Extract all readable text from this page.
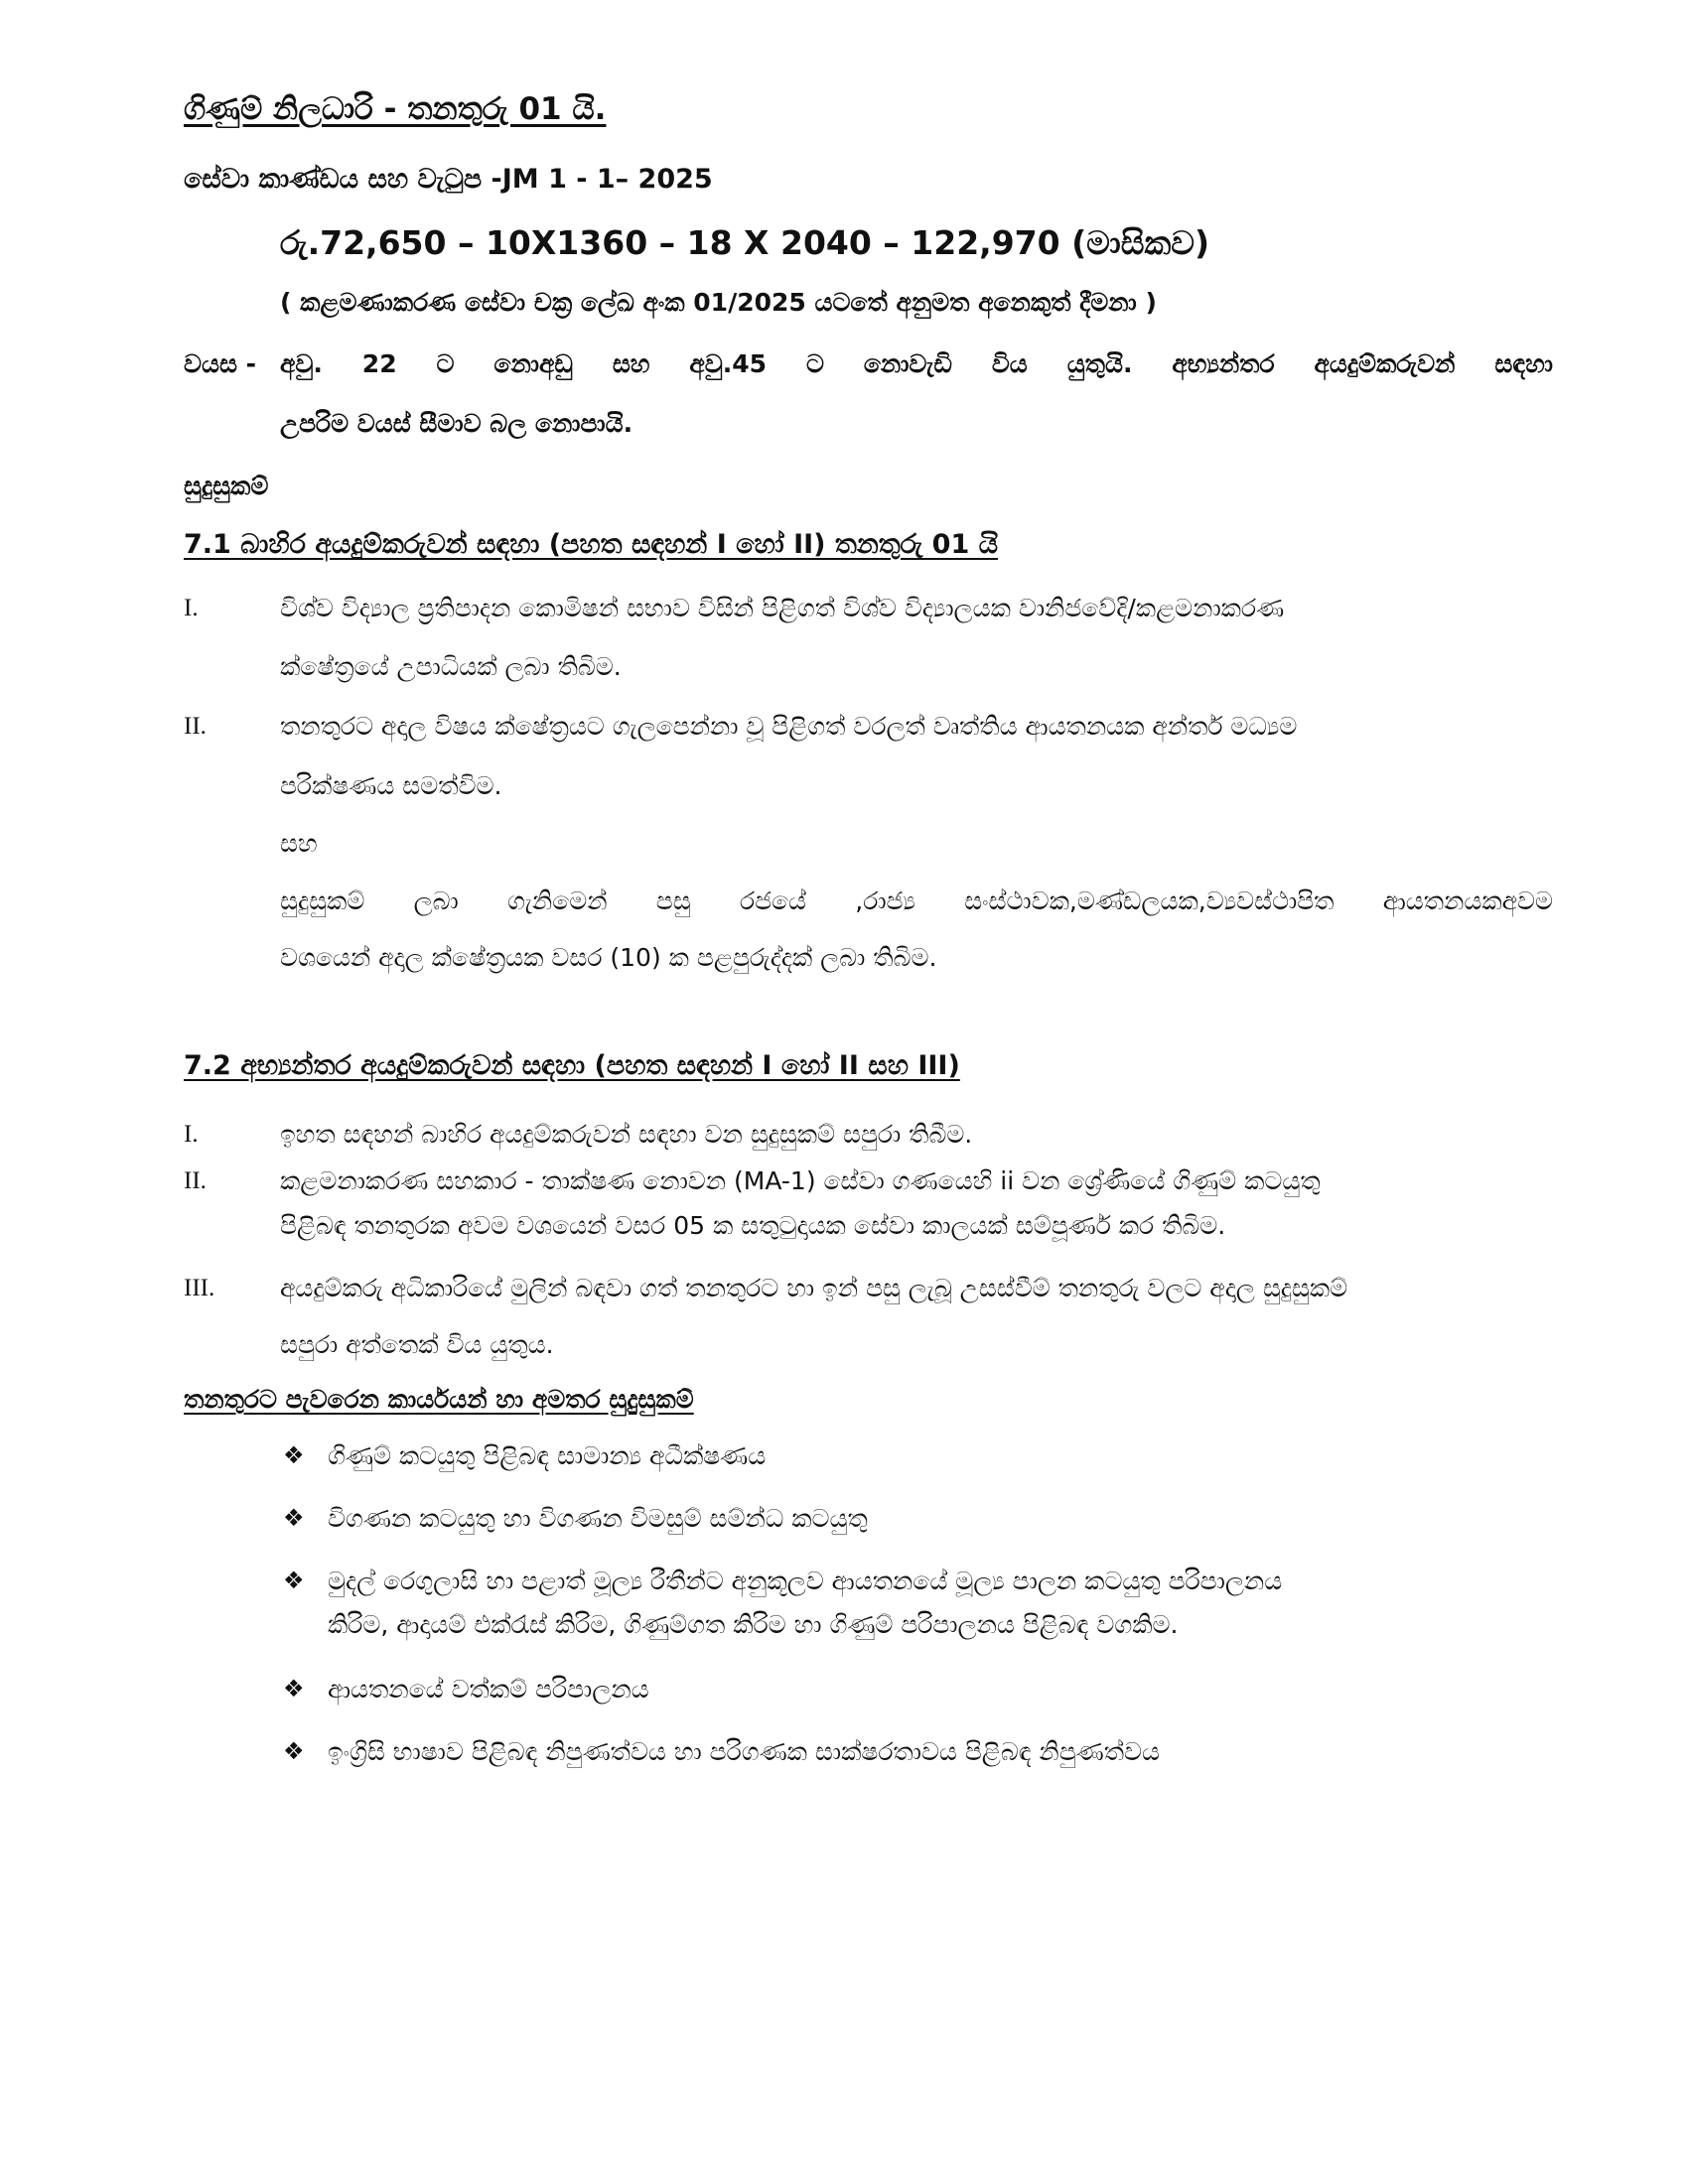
ගිණුම් නිලධාරි - තනතුරු 01 යි.
සේවා කාණ්ඩය සහ වැටුප -JM 1 - 1– 2025
රු.72,650 – 10X1360 – 18 X 2040 – 122,970 (මාසිකව)
( කළමණාකරණ සේවා චක්‍ර ලේඛ අංක 01/2025 යටතේ අනුමත අනෙකුත් දීමනා )
වයස - අවු. 22 ට නොඅඩු සහ අවු.45 ට නොවැඩි විය යුතුයි. අභ්‍යන්තර අයදුම්කරුවන් සඳහා
උපරිම වයස් සීමාව බල නොපායි.
සුදුසුකම්
7.1 බාහිර අයදුම්කරුවන් සඳහා (පහත සඳහන් I හෝ II) තනතුරු 01 යි
I.	විශ්ව විද්‍යාල ප්‍රතිපාදන කොමිෂන් සභාව විසින් පිළිගත් විශ්ව විද්‍යාලයක වානිජවේදි/කළමනාකරණ
ක්ෂේත්‍රයේ උපාධියක් ලබා තිබිම.
II.	තනතුරට අදාල විෂය ක්ෂේත්‍රයට ගැලපෙන්නා වූ පිළිගත් වරලත් වෘත්තිය ආයතනයක අන්තර් මධ්‍යම
පරික්ෂණය සමත්විම.
සහ
සුදුසුකම් ලබා ගැනිමෙන් පසු රජයේ ,රාජ්‍ය සංස්ථාවක,මණ්ඩලයක,ව්‍යවස්ථාපිත ආයතනයකඅවම
වශයෙන් අදාල ක්ෂේත්‍රයක වසර (10) ක පළපුරුද්දක් ලබා තිබිම.
7.2 අභ්‍යන්තර අයදුම්කරුවන් සඳහා (පහත සඳහන් I හෝ II සහ III)
I.	ඉහත සඳහන් බාහිර අයදුම්කරුවන් සඳහා වන සුදුසුකම් සපුරා තිබීම.
II.	කළමනාකරණ සහකාර - තාක්ෂණ නොවන (MA-1) සේවා ගණයෙහි ii වන ශ්‍රේණියේ ගිණුම් කටයුතු
පිළිබඳ තනතුරක අවම වශයෙන් වසර 05 ක සතුටුදායක සේවා කාලයක් සම්පූර්ණ කර තිබිම.
III.	අයදුම්කරු අධිකාරියේ මුලින් බඳවා ගත් තනතුරට හා ඉන් පසු ලැබූ උසස්වීම් තනතුරු වලට අදාල සුදුසුකම්
සපුරා අත්තෙක් විය යුතුය.
තනතුරට පැවරෙන කාර්යයන් හා අමතර සුදුසුකම්
❖ ගිණුම් කටයුතු පිළිබඳ සාමාන්‍ය අධීක්ෂණය
❖ විගණන කටයුතු හා විගණන විමසුම් සම්න්ධ කටයුතු
❖ මුදල් රෙගුලාසි හා පළාත් මූල්‍ය රීතීන්ට අනුකූලව ආයතනයේ මූල්‍ය පාලන කටයුතු පරිපාලනය
කිරිම, ආදායම් එක්රැස් කිරිම, ගිණුම්ගත කිරිම හා ගිණුම් පරිපාලනය පිළිබඳ වගකිම.
❖ ආයතනයේ වත්කම් පරිපාලනය
❖ ඉංග්‍රිසි භාෂාව පිළිබඳ නිපුණත්වය හා පරිගණක සාක්ෂරතාවය පිළිබඳ නිපුණත්වය
